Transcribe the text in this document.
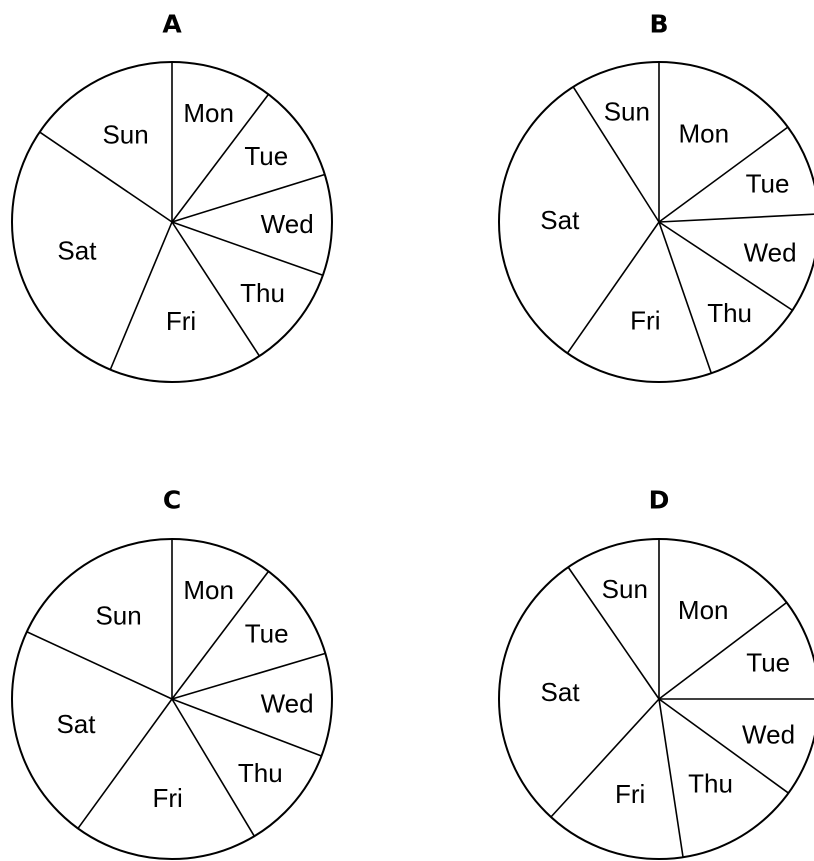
A
Mon
Tue
Wed
Thu
Fri
Sat
Sun
B
Mon
Tue
Wed
Thu
Fri
Sat
Sun
C
Mon
Tue
Wed
Thu
Fri
Sat
Sun
D
Mon
Tue
Wed
Thu
Fri
Sat
Sun
